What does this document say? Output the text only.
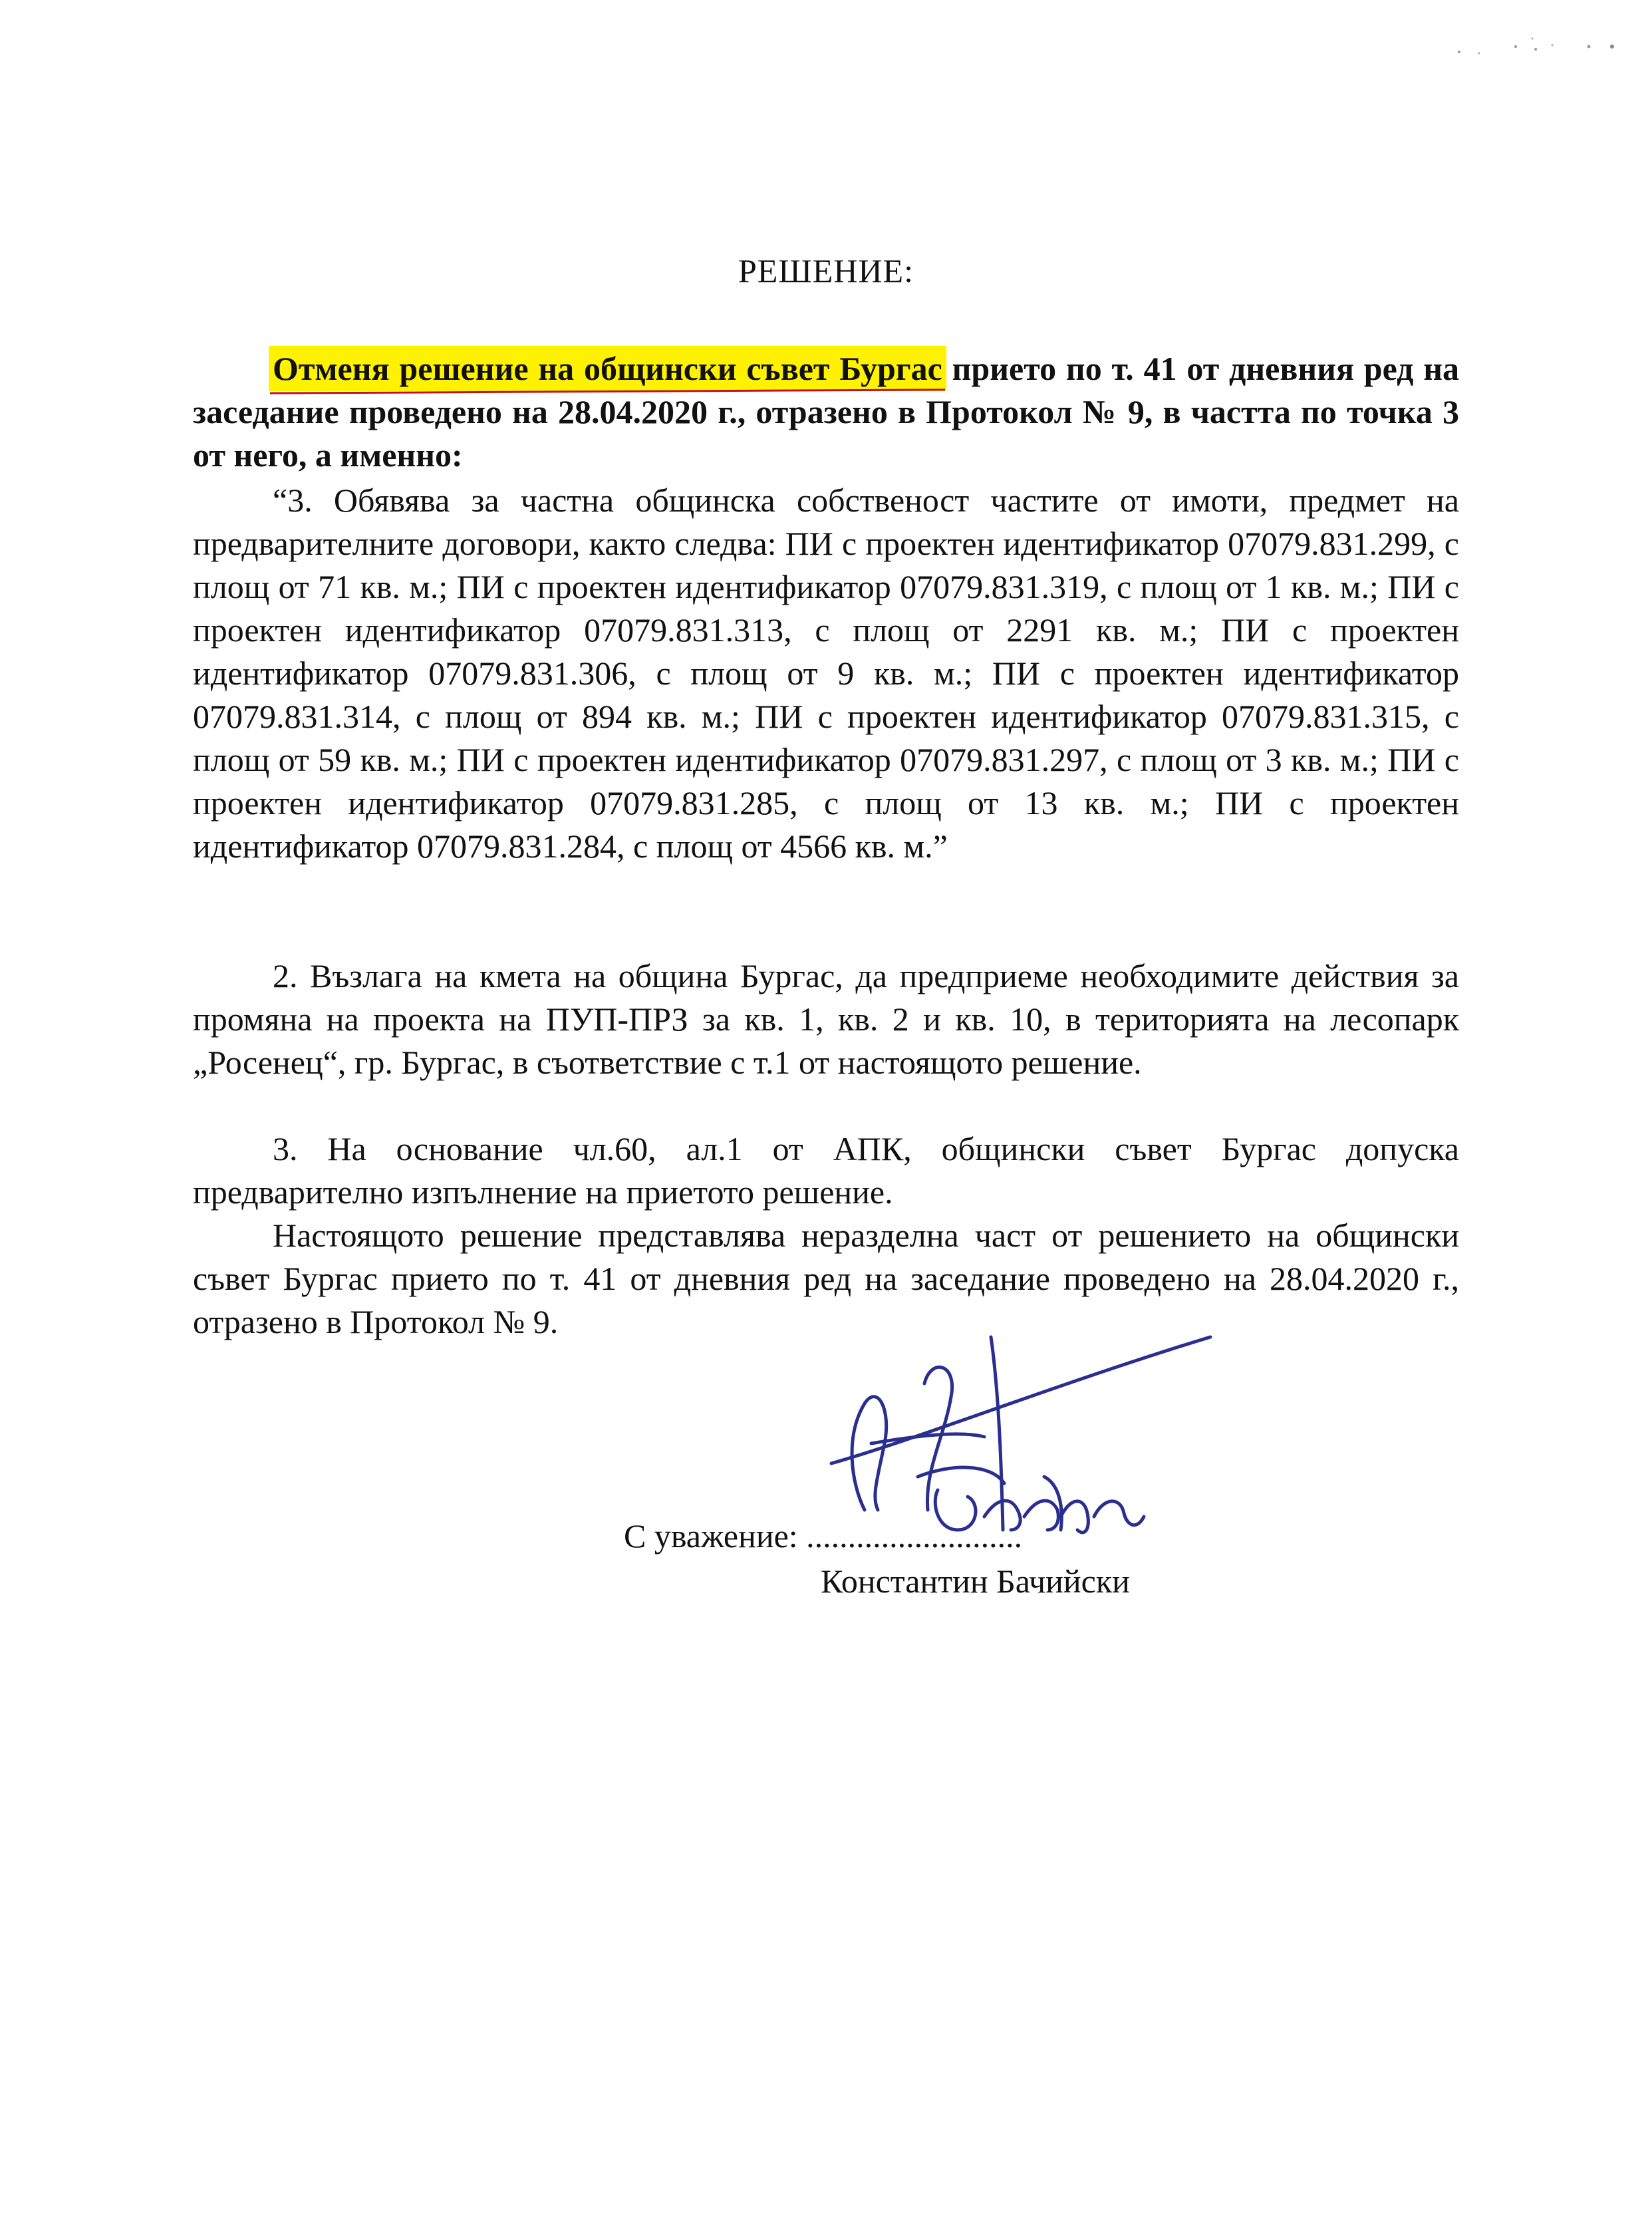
РЕШЕНИЕ:

Отменя решение на общински съвет Бургас прието по т. 41 от дневния ред на заседание проведено на 28.04.2020 г., отразено в Протокол № 9, в частта по точка 3 от него, а именно:

“3. Обявява за частна общинска собственост частите от имоти, предмет на предварителните договори, както следва: ПИ с проектен идентификатор 07079.831.299, с площ от 71 кв. м.; ПИ с проектен идентификатор 07079.831.319, с площ от 1 кв. м.; ПИ с проектен идентификатор 07079.831.313, с площ от 2291 кв. м.; ПИ с проектен идентификатор 07079.831.306, с площ от 9 кв. м.; ПИ с проектен идентификатор 07079.831.314, с площ от 894 кв. м.; ПИ с проектен идентификатор 07079.831.315, с площ от 59 кв. м.; ПИ с проектен идентификатор 07079.831.297, с площ от 3 кв. м.; ПИ с проектен идентификатор 07079.831.285, с площ от 13 кв. м.; ПИ с проектен идентификатор 07079.831.284, с площ от 4566 кв. м.”

2. Възлага на кмета на община Бургас, да предприеме необходимите действия за промяна на проекта на ПУП-ПРЗ за кв. 1, кв. 2 и кв. 10, в територията на лесопарк „Росенец“, гр. Бургас, в съответствие с т.1 от настоящото решение.

3. На основание чл.60, ал.1 от АПК, общински съвет Бургас допуска предварително изпълнение на приетото решение.

Настоящото решение представлява неразделна част от решението на общински съвет Бургас прието по т. 41 от дневния ред на заседание проведено на 28.04.2020 г., отразено в Протокол № 9.

С уважение: ..........................
Константин Бачийски
